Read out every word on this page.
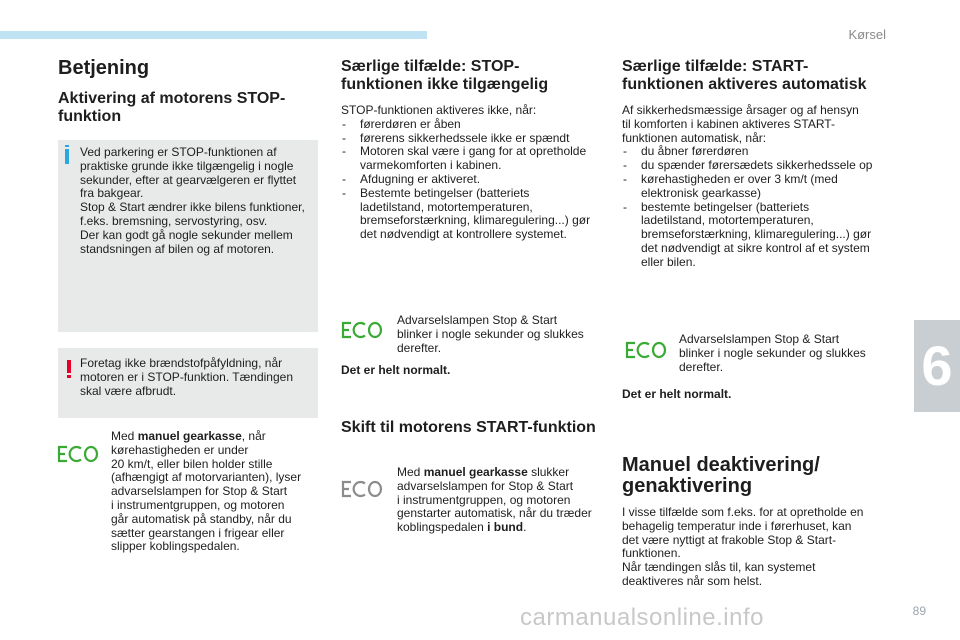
Kørsel
6
carmanualsonline.info	89
Betjening
Aktivering af motorens STOP-
funktion
Ved parkering er STOP-funktionen af
praktiske grunde ikke tilgængelig i nogle
sekunder, efter at gearvælgeren er flyttet
fra bakgear.
Stop & Start ændrer ikke bilens funktioner,
f.eks. bremsning, servostyring, osv.
Der kan godt gå nogle sekunder mellem
standsningen af bilen og af motoren.
Foretag ikke brændstofpåfyldning, når
motoren er i STOP-funktion. Tændingen
skal være afbrudt.
Med manuel gearkasse, når
kørehastigheden er under
20 km/t, eller bilen holder stille
(afhængigt af motorvarianten), lyser
advarselslampen for Stop & Start
i instrumentgruppen, og motoren
går automatisk på standby, når du
sætter gearstangen i frigear eller
slipper koblingspedalen.
Særlige tilfælde: STOP-
funktionen ikke tilgængelig
STOP-funktionen aktiveres ikke, når:
- førerdøren er åben
- førerens sikkerhedssele ikke er spændt
- Motoren skal være i gang for at opretholde
varmekomforten i kabinen.
- Afdugning er aktiveret.
- Bestemte betingelser (batteriets
ladetilstand, motortemperaturen,
bremseforstærkning, klimaregulering...) gør
det nødvendigt at kontrollere systemet.
Advarselslampen Stop & Start
blinker i nogle sekunder og slukkes
derefter.
Det er helt normalt.
Skift til motorens START-funktion
Med manuel gearkasse slukker
advarselslampen for Stop & Start
i instrumentgruppen, og motoren
genstarter automatisk, når du træder
koblingspedalen i bund.
Særlige tilfælde: START-
funktionen aktiveres automatisk
Af sikkerhedsmæssige årsager og af hensyn
til komforten i kabinen aktiveres START-
funktionen automatisk, når:
- du åbner førerdøren
- du spænder førersædets sikkerhedssele op
- kørehastigheden er over 3 km/t (med
elektronisk gearkasse)
- bestemte betingelser (batteriets
ladetilstand, motortemperaturen,
bremseforstærkning, klimaregulering...) gør
det nødvendigt at sikre kontrol af et system
eller bilen.
Advarselslampen Stop & Start
blinker i nogle sekunder og slukkes
derefter.
Det er helt normalt.
Manuel deaktivering/
genaktivering
I visse tilfælde som f.eks. for at opretholde en
behagelig temperatur inde i førerhuset, kan
det være nyttigt at frakoble Stop & Start-
funktionen.
Når tændingen slås til, kan systemet
deaktiveres når som helst.
